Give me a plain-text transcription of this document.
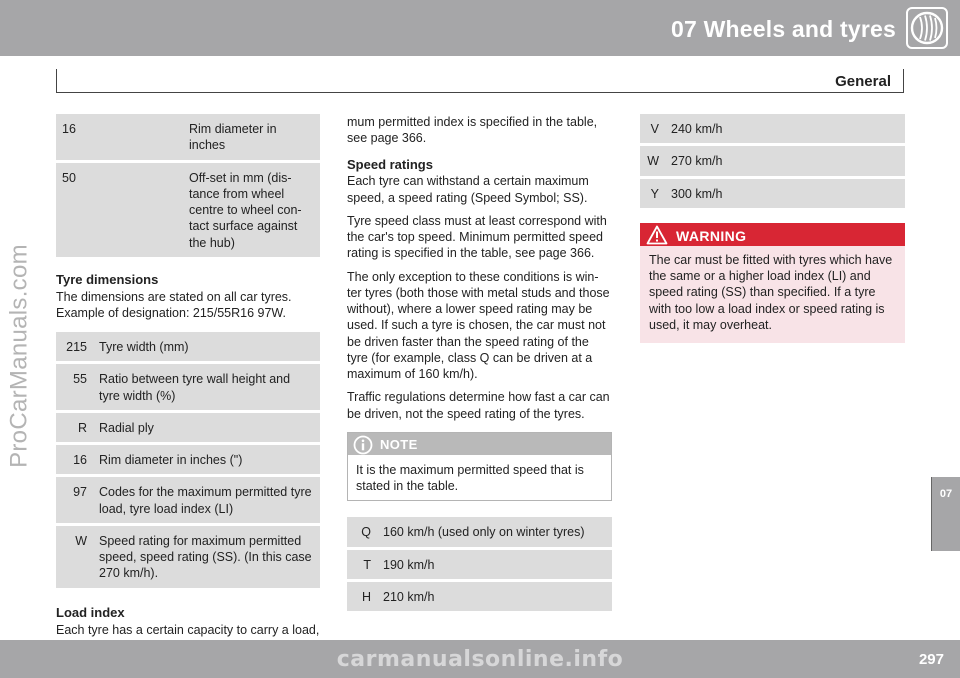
07 Wheels and tyres
General
07
ProCarManuals.com
16	Rim diameter in inches
50	Off-set in mm (dis-tance from wheel centre to wheel con-tact surface against the hub)
Tyre dimensions

The dimensions are stated on all car tyres. Example of designation: 215/55R16 97W.

215	Tyre width (mm)
55	Ratio between tyre wall height and tyre width (%)
R	Radial ply
16	Rim diameter in inches (")
97	Codes for the maximum permitted tyre load, tyre load index (LI)
W	Speed rating for maximum permitted speed, speed rating (SS). (In this case 270 km/h).
Load index

Each tyre has a certain capacity to carry a load,

mum permitted index is specified in the table, see page 366.

Speed ratings

Each tyre can withstand a certain maximum speed, a speed rating (Speed Symbol; SS).

Tyre speed class must at least correspond with the car's top speed. Minimum permitted speed rating is specified in the table, see page 366.

The only exception to these conditions is win-ter tyres (both those with metal studs and those without), where a lower speed rating may be used. If such a tyre is chosen, the car must not be driven faster than the speed rating of the tyre (for example, class Q can be driven at a maximum of 160 km/h).

Traffic regulations determine how fast a car can be driven, not the speed rating of the tyres.

NOTE
It is the maximum permitted speed that is stated in the table.
Q	160 km/h (used only on winter tyres)
T	190 km/h
H	210 km/h
V	240 km/h
W	270 km/h
Y	300 km/h
WARNING
The car must be fitted with tyres which have the same or a higher load index (LI) and speed rating (SS) than specified. If a tyre with too low a load index or speed rating is used, it may overheat.
carmanualsonline.info	297
